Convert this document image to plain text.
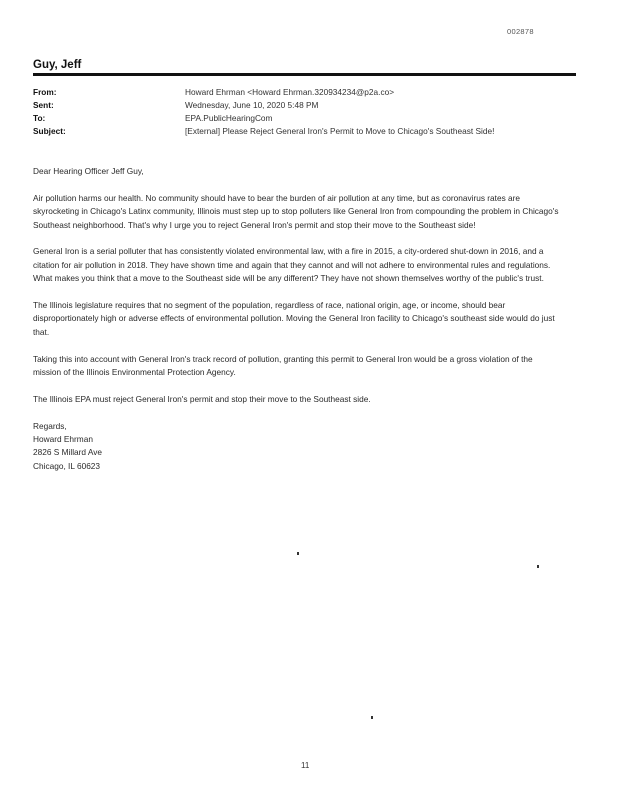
002878
Guy, Jeff
From:	Howard Ehrman <Howard Ehrman.320934234@p2a.co>
Sent:	Wednesday, June 10, 2020 5:48 PM
To:	EPA.PublicHearingCom
Subject:	[External] Please Reject General Iron's Permit to Move to Chicago's Southeast Side!

Dear Hearing Officer Jeff Guy,

Air pollution harms our health. No community should have to bear the burden of air pollution at any time, but as coronavirus rates are skyrocketing in Chicago's Latinx community, Illinois must step up to stop polluters like General Iron from compounding the problem in Chicago's Southeast neighborhood. That's why I urge you to reject General Iron's permit and stop their move to the Southeast side!

General Iron is a serial polluter that has consistently violated environmental law, with a fire in 2015, a city-ordered shut-down in 2016, and a citation for air pollution in 2018. They have shown time and again that they cannot and will not adhere to environmental rules and regulations. What makes you think that a move to the Southeast side will be any different? They have not shown themselves worthy of the public's trust.

The Illinois legislature requires that no segment of the population, regardless of race, national origin, age, or income, should bear disproportionately high or adverse effects of environmental pollution. Moving the General Iron facility to Chicago's southeast side would do just that.

Taking this into account with General Iron's track record of pollution, granting this permit to General Iron would be a gross violation of the mission of the Illinois Environmental Protection Agency.

The Illinois EPA must reject General Iron's permit and stop their move to the Southeast side.

Regards,
Howard Ehrman
2826 S Millard Ave
Chicago, IL 60623
11
